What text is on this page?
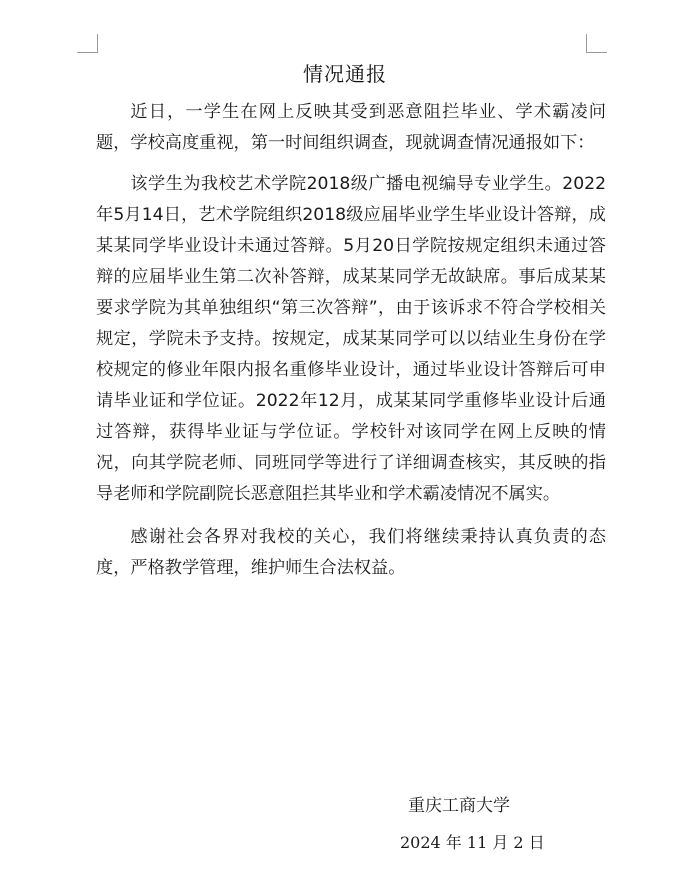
情况通报

近日，一学生在网上反映其受到恶意阻拦毕业、学术霸凌问题，学校高度重视，第一时间组织调查，现就调查情况通报如下：

该学生为我校艺术学院2018级广播电视编导专业学生。2022年5月14日，艺术学院组织2018级应届毕业学生毕业设计答辩，成某某同学毕业设计未通过答辩。5月20日学院按规定组织未通过答辩的应届毕业生第二次补答辩，成某某同学无故缺席。事后成某某要求学院为其单独组织“第三次答辩”，由于该诉求不符合学校相关规定，学院未予支持。按规定，成某某同学可以以结业生身份在学校规定的修业年限内报名重修毕业设计，通过毕业设计答辩后可申请毕业证和学位证。2022年12月，成某某同学重修毕业设计后通过答辩，获得毕业证与学位证。学校针对该同学在网上反映的情况，向其学院老师、同班同学等进行了详细调查核实，其反映的指导老师和学院副院长恶意阻拦其毕业和学术霸凌情况不属实。

感谢社会各界对我校的关心，我们将继续秉持认真负责的态度，严格教学管理，维护师生合法权益。

重庆工商大学
2024 年 11 月 2 日
